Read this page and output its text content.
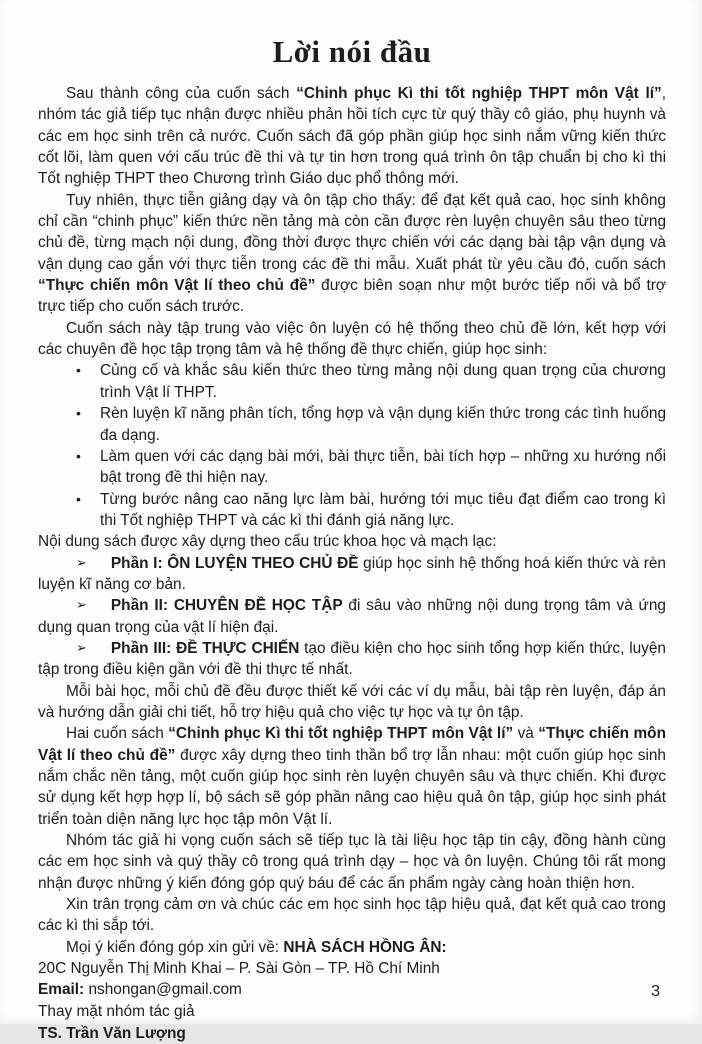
Lời nói đầu

Sau thành công của cuốn sách “Chinh phục Kì thi tốt nghiệp THPT môn Vật lí”, nhóm tác giả tiếp tục nhận được nhiều phản hồi tích cực từ quý thầy cô giáo, phụ huynh và các em học sinh trên cả nước. Cuốn sách đã góp phần giúp học sinh nắm vững kiến thức cốt lõi, làm quen với cấu trúc đề thi và tự tin hơn trong quá trình ôn tập chuẩn bị cho kì thi Tốt nghiệp THPT theo Chương trình Giáo dục phổ thông mới.

Tuy nhiên, thực tiễn giảng dạy và ôn tập cho thấy: để đạt kết quả cao, học sinh không chỉ cần “chinh phục” kiến thức nền tảng mà còn cần được rèn luyện chuyên sâu theo từng chủ đề, từng mạch nội dung, đồng thời được thực chiến với các dạng bài tập vận dụng và vận dụng cao gắn với thực tiễn trong các đề thi mẫu. Xuất phát từ yêu cầu đó, cuốn sách “Thực chiến môn Vật lí theo chủ đề” được biên soạn như một bước tiếp nối và bổ trợ trực tiếp cho cuốn sách trước.

Cuốn sách này tập trung vào việc ôn luyện có hệ thống theo chủ đề lớn, kết hợp với các chuyên đề học tập trọng tâm và hệ thống đề thực chiến, giúp học sinh:

• Củng cố và khắc sâu kiến thức theo từng mảng nội dung quan trọng của chương trình Vật lí THPT.

• Rèn luyện kĩ năng phân tích, tổng hợp và vận dụng kiến thức trong các tình huống đa dạng.

• Làm quen với các dạng bài mới, bài thực tiễn, bài tích hợp – những xu hướng nổi bật trong đề thi hiện nay.

• Từng bước nâng cao năng lực làm bài, hướng tới mục tiêu đạt điểm cao trong kì thi Tốt nghiệp THPT và các kì thi đánh giá năng lực.

Nội dung sách được xây dựng theo cấu trúc khoa học và mạch lạc:

➢ Phần I: ÔN LUYỆN THEO CHỦ ĐỀ giúp học sinh hệ thống hoá kiến thức và rèn luyện kĩ năng cơ bản.

➢ Phần II: CHUYÊN ĐỀ HỌC TẬP đi sâu vào những nội dung trọng tâm và ứng dụng quan trọng của vật lí hiện đại.

➢ Phần III: ĐỀ THỰC CHIẾN tạo điều kiện cho học sinh tổng hợp kiến thức, luyện tập trong điều kiện gần với đề thi thực tế nhất.

Mỗi bài học, mỗi chủ đề đều được thiết kế với các ví dụ mẫu, bài tập rèn luyện, đáp án và hướng dẫn giải chi tiết, hỗ trợ hiệu quả cho việc tự học và tự ôn tập.

Hai cuốn sách “Chinh phục Kì thi tốt nghiệp THPT môn Vật lí” và “Thực chiến môn Vật lí theo chủ đề” được xây dựng theo tinh thần bổ trợ lẫn nhau: một cuốn giúp học sinh nắm chắc nền tảng, một cuốn giúp học sinh rèn luyện chuyên sâu và thực chiến. Khi được sử dụng kết hợp hợp lí, bộ sách sẽ góp phần nâng cao hiệu quả ôn tập, giúp học sinh phát triển toàn diện năng lực học tập môn Vật lí.

Nhóm tác giả hi vọng cuốn sách sẽ tiếp tục là tài liệu học tập tin cậy, đồng hành cùng các em học sinh và quý thầy cô trong quá trình dạy – học và ôn luyện. Chúng tôi rất mong nhận được những ý kiến đóng góp quý báu để các ấn phẩm ngày càng hoàn thiện hơn.

Xin trân trọng cảm ơn và chúc các em học sinh học tập hiệu quả, đạt kết quả cao trong các kì thi sắp tới.

Mọi ý kiến đóng góp xin gửi về: NHÀ SÁCH HỒNG ÂN:

20C Nguyễn Thị Minh Khai – P. Sài Gòn – TP. Hồ Chí Minh

Email: nshongan@gmail.com

Thay mặt nhóm tác giả

TS. Trần Văn Lượng

3
